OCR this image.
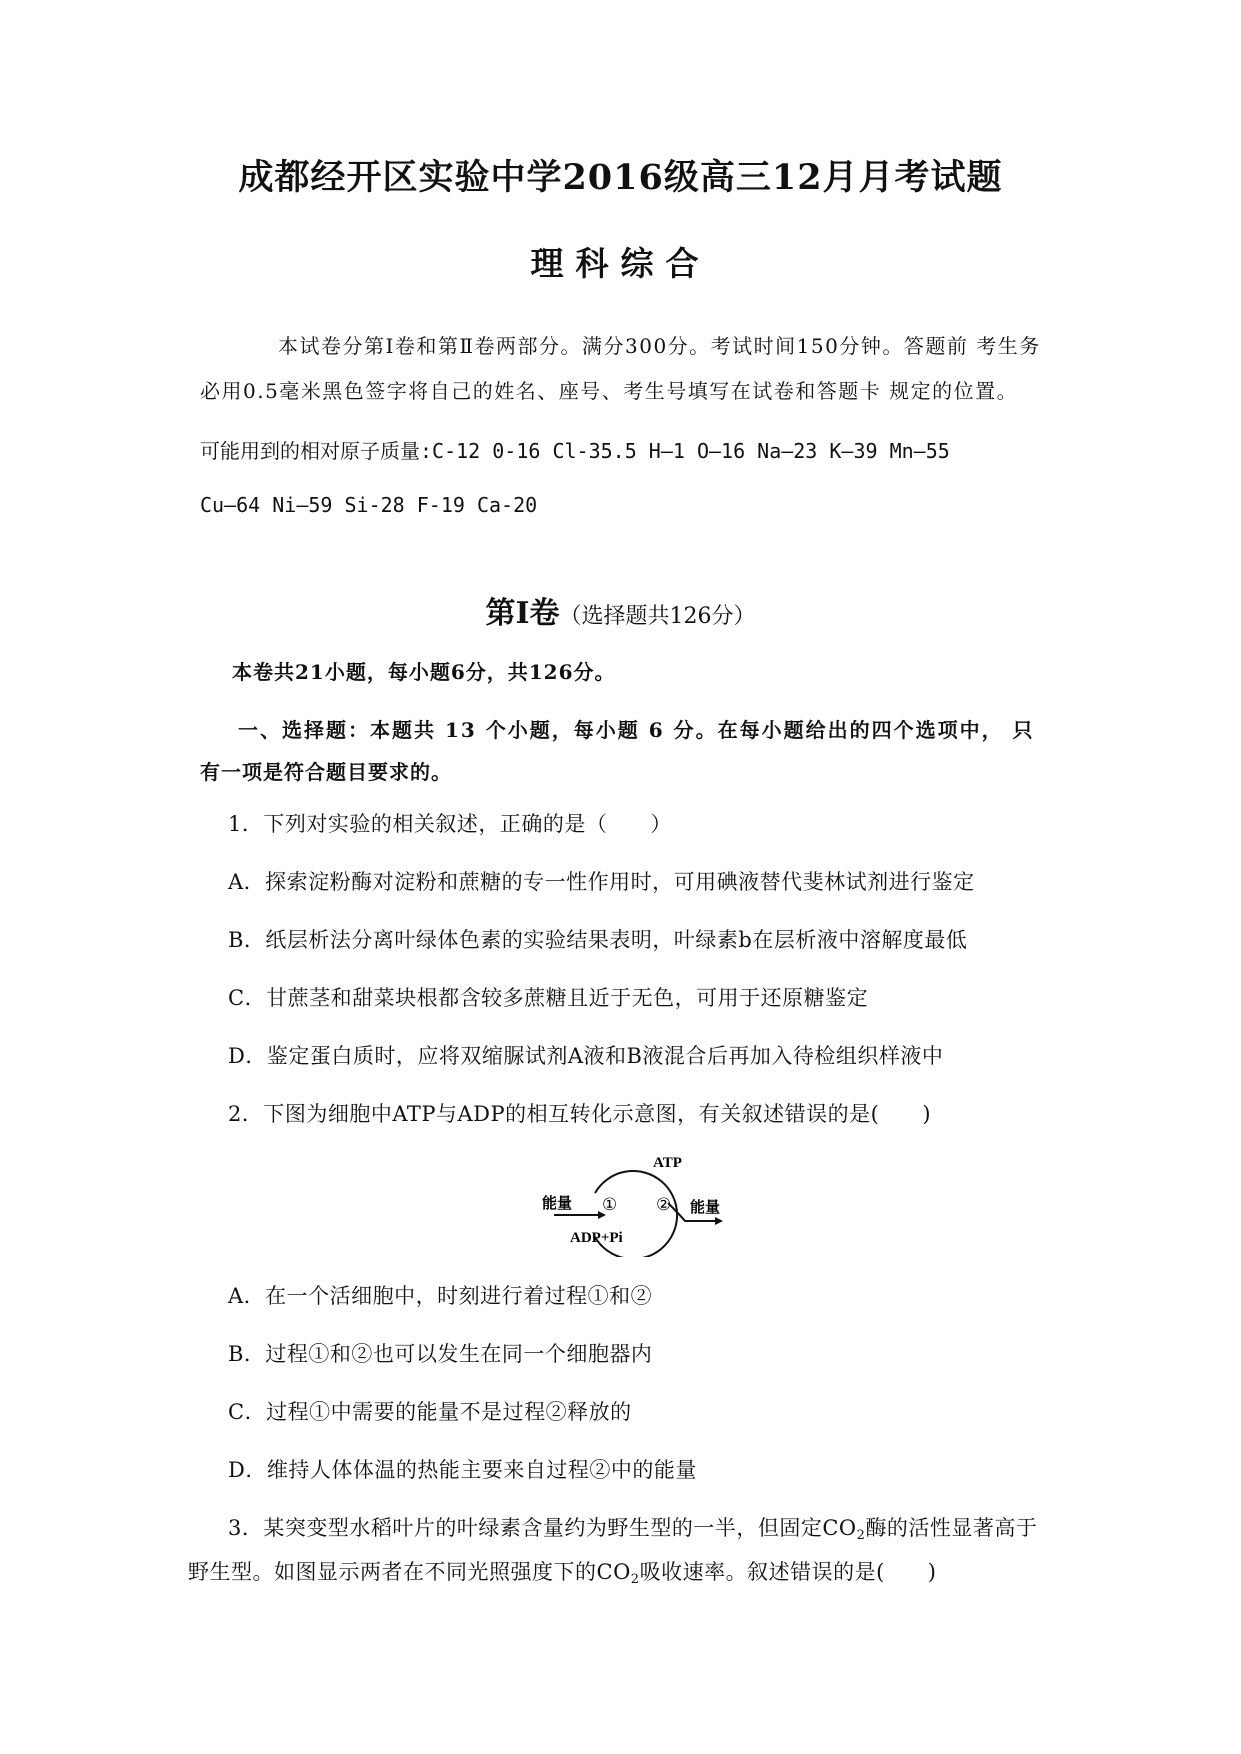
成都经开区实验中学2016级高三12月月考试题
理科综合
本试卷分第Ⅰ卷和第Ⅱ卷两部分。满分300分。考试时间150分钟。答题前 考生务
必用0.5毫米黑色签字将自己的姓名、座号、考生号填写在试卷和答题卡 规定的位置。
可能用到的相对原子质量:C-12 0-16 Cl-35.5 H—1 O—16 Na—23 K—39 Mn—55
Cu—64 Ni—59 Si-28 F-19 Ca-20
第Ⅰ卷（选择题共126分）
本卷共21小题，每小题6分，共126分。
一、选择题：本题共 13 个小题，每小题 6 分。在每小题给出的四个选项中， 只
有一项是符合题目要求的。
1．下列对实验的相关叙述，正确的是（　　）
A．探索淀粉酶对淀粉和蔗糖的专一性作用时，可用碘液替代斐林试剂进行鉴定
B．纸层析法分离叶绿体色素的实验结果表明，叶绿素b在层析液中溶解度最低
C．甘蔗茎和甜菜块根都含较多蔗糖且近于无色，可用于还原糖鉴定
D．鉴定蛋白质时，应将双缩脲试剂A液和B液混合后再加入待检组织样液中
2．下图为细胞中ATP与ADP的相互转化示意图，有关叙述错误的是(　　)
ATP
能量	能量
① ②
ADP+Pi
A．在一个活细胞中，时刻进行着过程①和②
B．过程①和②也可以发生在同一个细胞器内
C．过程①中需要的能量不是过程②释放的
D．维持人体体温的热能主要来自过程②中的能量
3．某突变型水稻叶片的叶绿素含量约为野生型的一半，但固定$CO_2$酶的活性显著高于
野生型。如图显示两者在不同光照强度下的$CO_2$吸收速率。叙述错误的是(　　)
